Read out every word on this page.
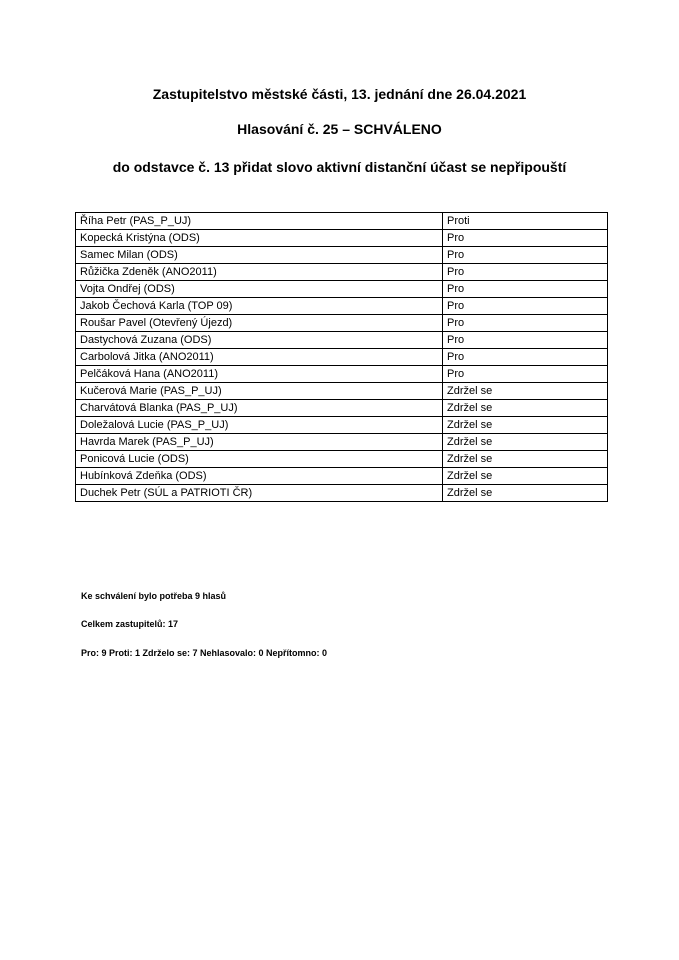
Zastupitelstvo městské části, 13. jednání dne 26.04.2021
Hlasování č. 25 – SCHVÁLENO
do odstavce č. 13 přidat slovo aktivní distanční účast se nepřipouští
Říha Petr (PAS_P_UJ)	Proti
Kopecká Kristýna (ODS)	Pro
Samec Milan (ODS)	Pro
Růžička Zdeněk (ANO2011)	Pro
Vojta Ondřej (ODS)	Pro
Jakob Čechová Karla (TOP 09)	Pro
Roušar Pavel (Otevřený Újezd)	Pro
Dastychová Zuzana (ODS)	Pro
Carbolová Jitka (ANO2011)	Pro
Pelčáková Hana (ANO2011)	Pro
Kučerová Marie (PAS_P_UJ)	Zdržel se
Charvátová Blanka (PAS_P_UJ)	Zdržel se
Doležalová Lucie (PAS_P_UJ)	Zdržel se
Havrda Marek (PAS_P_UJ)	Zdržel se
Ponicová Lucie (ODS)	Zdržel se
Hubínková Zdeňka (ODS)	Zdržel se
Duchek Petr (SÚL a PATRIOTI ČR)	Zdržel se

Ke schválení bylo potřeba 9 hlasů

Celkem zastupitelů: 17

Pro: 9 Proti: 1 Zdrželo se: 7 Nehlasovalo: 0 Nepřítomno: 0
